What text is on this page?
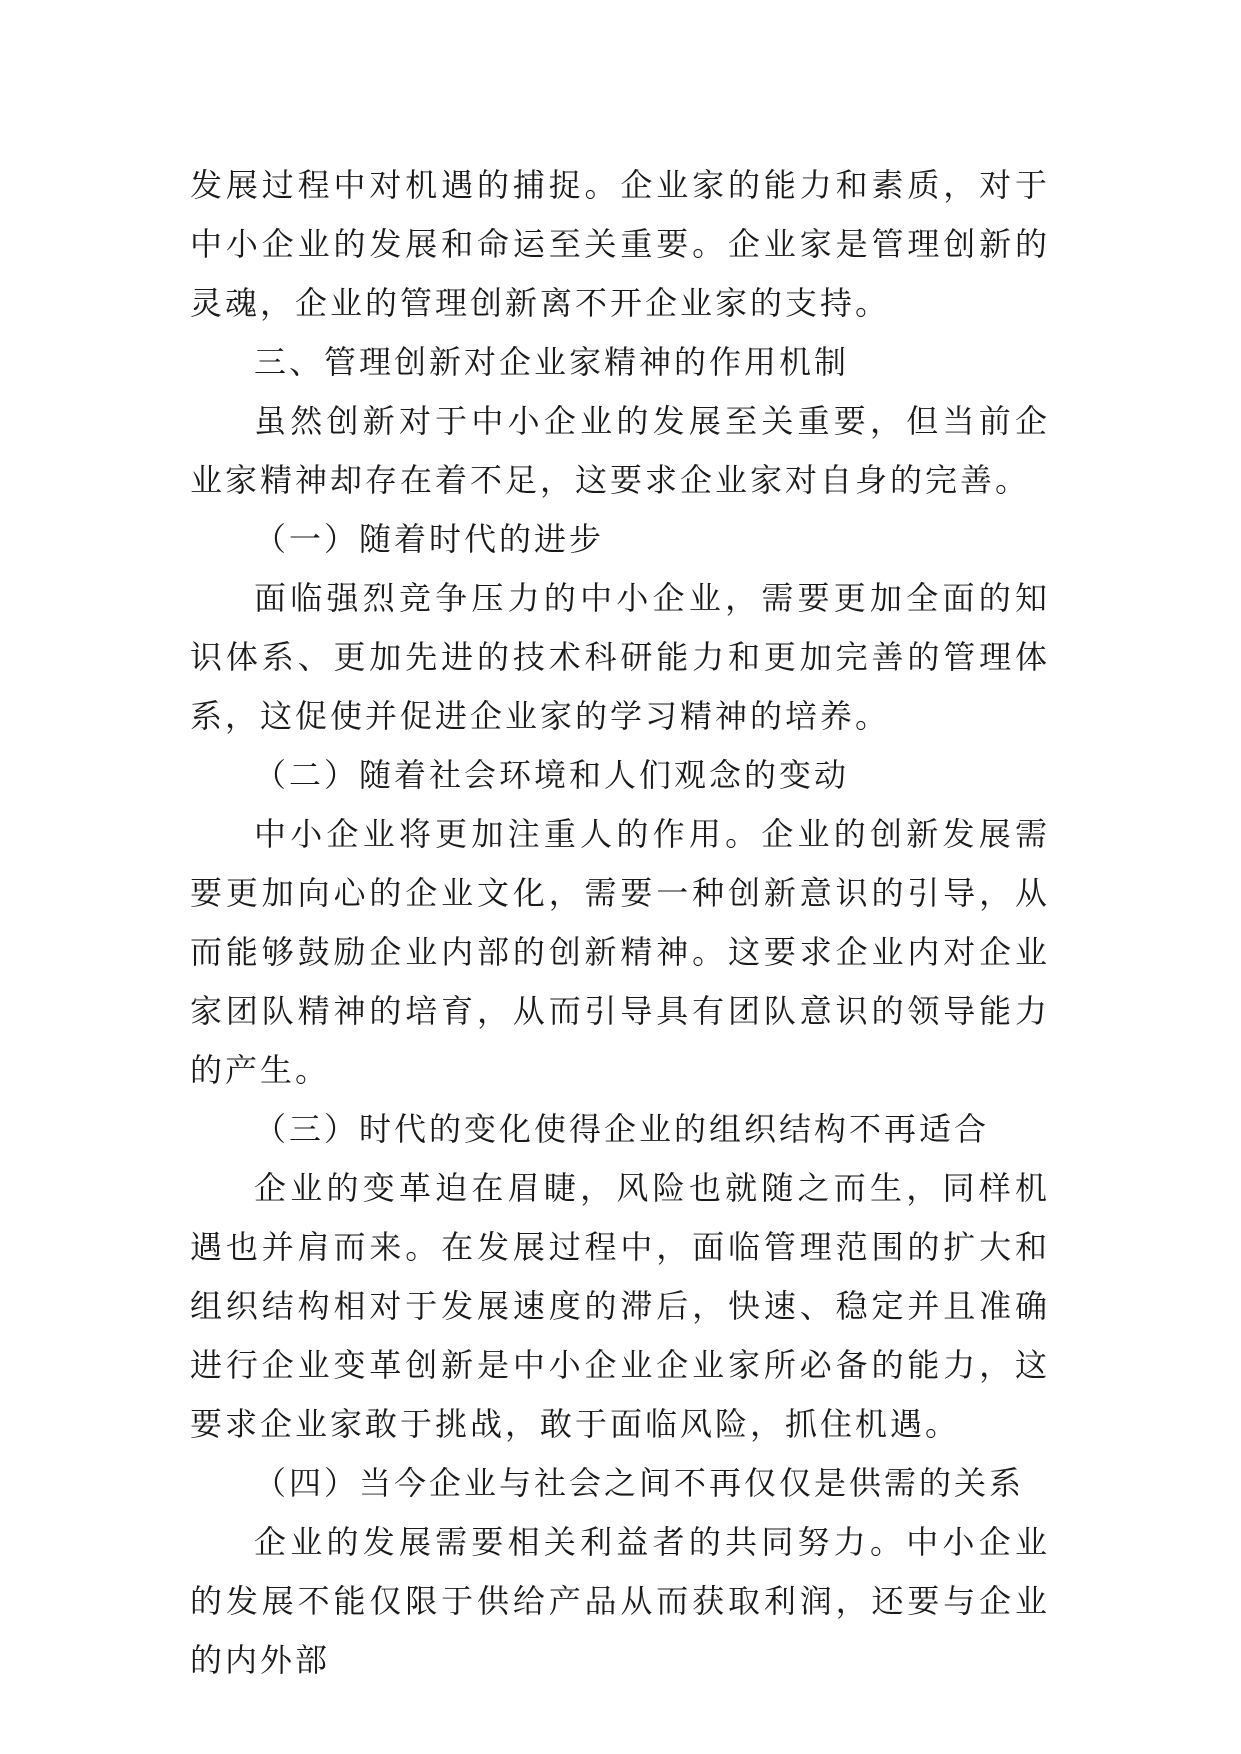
发展过程中对机遇的捕捉。企业家的能力和素质，对于中小企业的发展和命运至关重要。企业家是管理创新的灵魂，企业的管理创新离不开企业家的支持。

三、管理创新对企业家精神的作用机制

虽然创新对于中小企业的发展至关重要，但当前企业家精神却存在着不足，这要求企业家对自身的完善。

（一）随着时代的进步

面临强烈竞争压力的中小企业，需要更加全面的知识体系、更加先进的技术科研能力和更加完善的管理体系，这促使并促进企业家的学习精神的培养。

（二）随着社会环境和人们观念的变动

中小企业将更加注重人的作用。企业的创新发展需要更加向心的企业文化，需要一种创新意识的引导，从而能够鼓励企业内部的创新精神。这要求企业内对企业家团队精神的培育，从而引导具有团队意识的领导能力的产生。

（三）时代的变化使得企业的组织结构不再适合

企业的变革迫在眉睫，风险也就随之而生，同样机遇也并肩而来。在发展过程中，面临管理范围的扩大和组织结构相对于发展速度的滞后，快速、稳定并且准确进行企业变革创新是中小企业企业家所必备的能力，这要求企业家敢于挑战，敢于面临风险，抓住机遇。

（四）当今企业与社会之间不再仅仅是供需的关系

企业的发展需要相关利益者的共同努力。中小企业的发展不能仅限于供给产品从而获取利润，还要与企业的内外部
